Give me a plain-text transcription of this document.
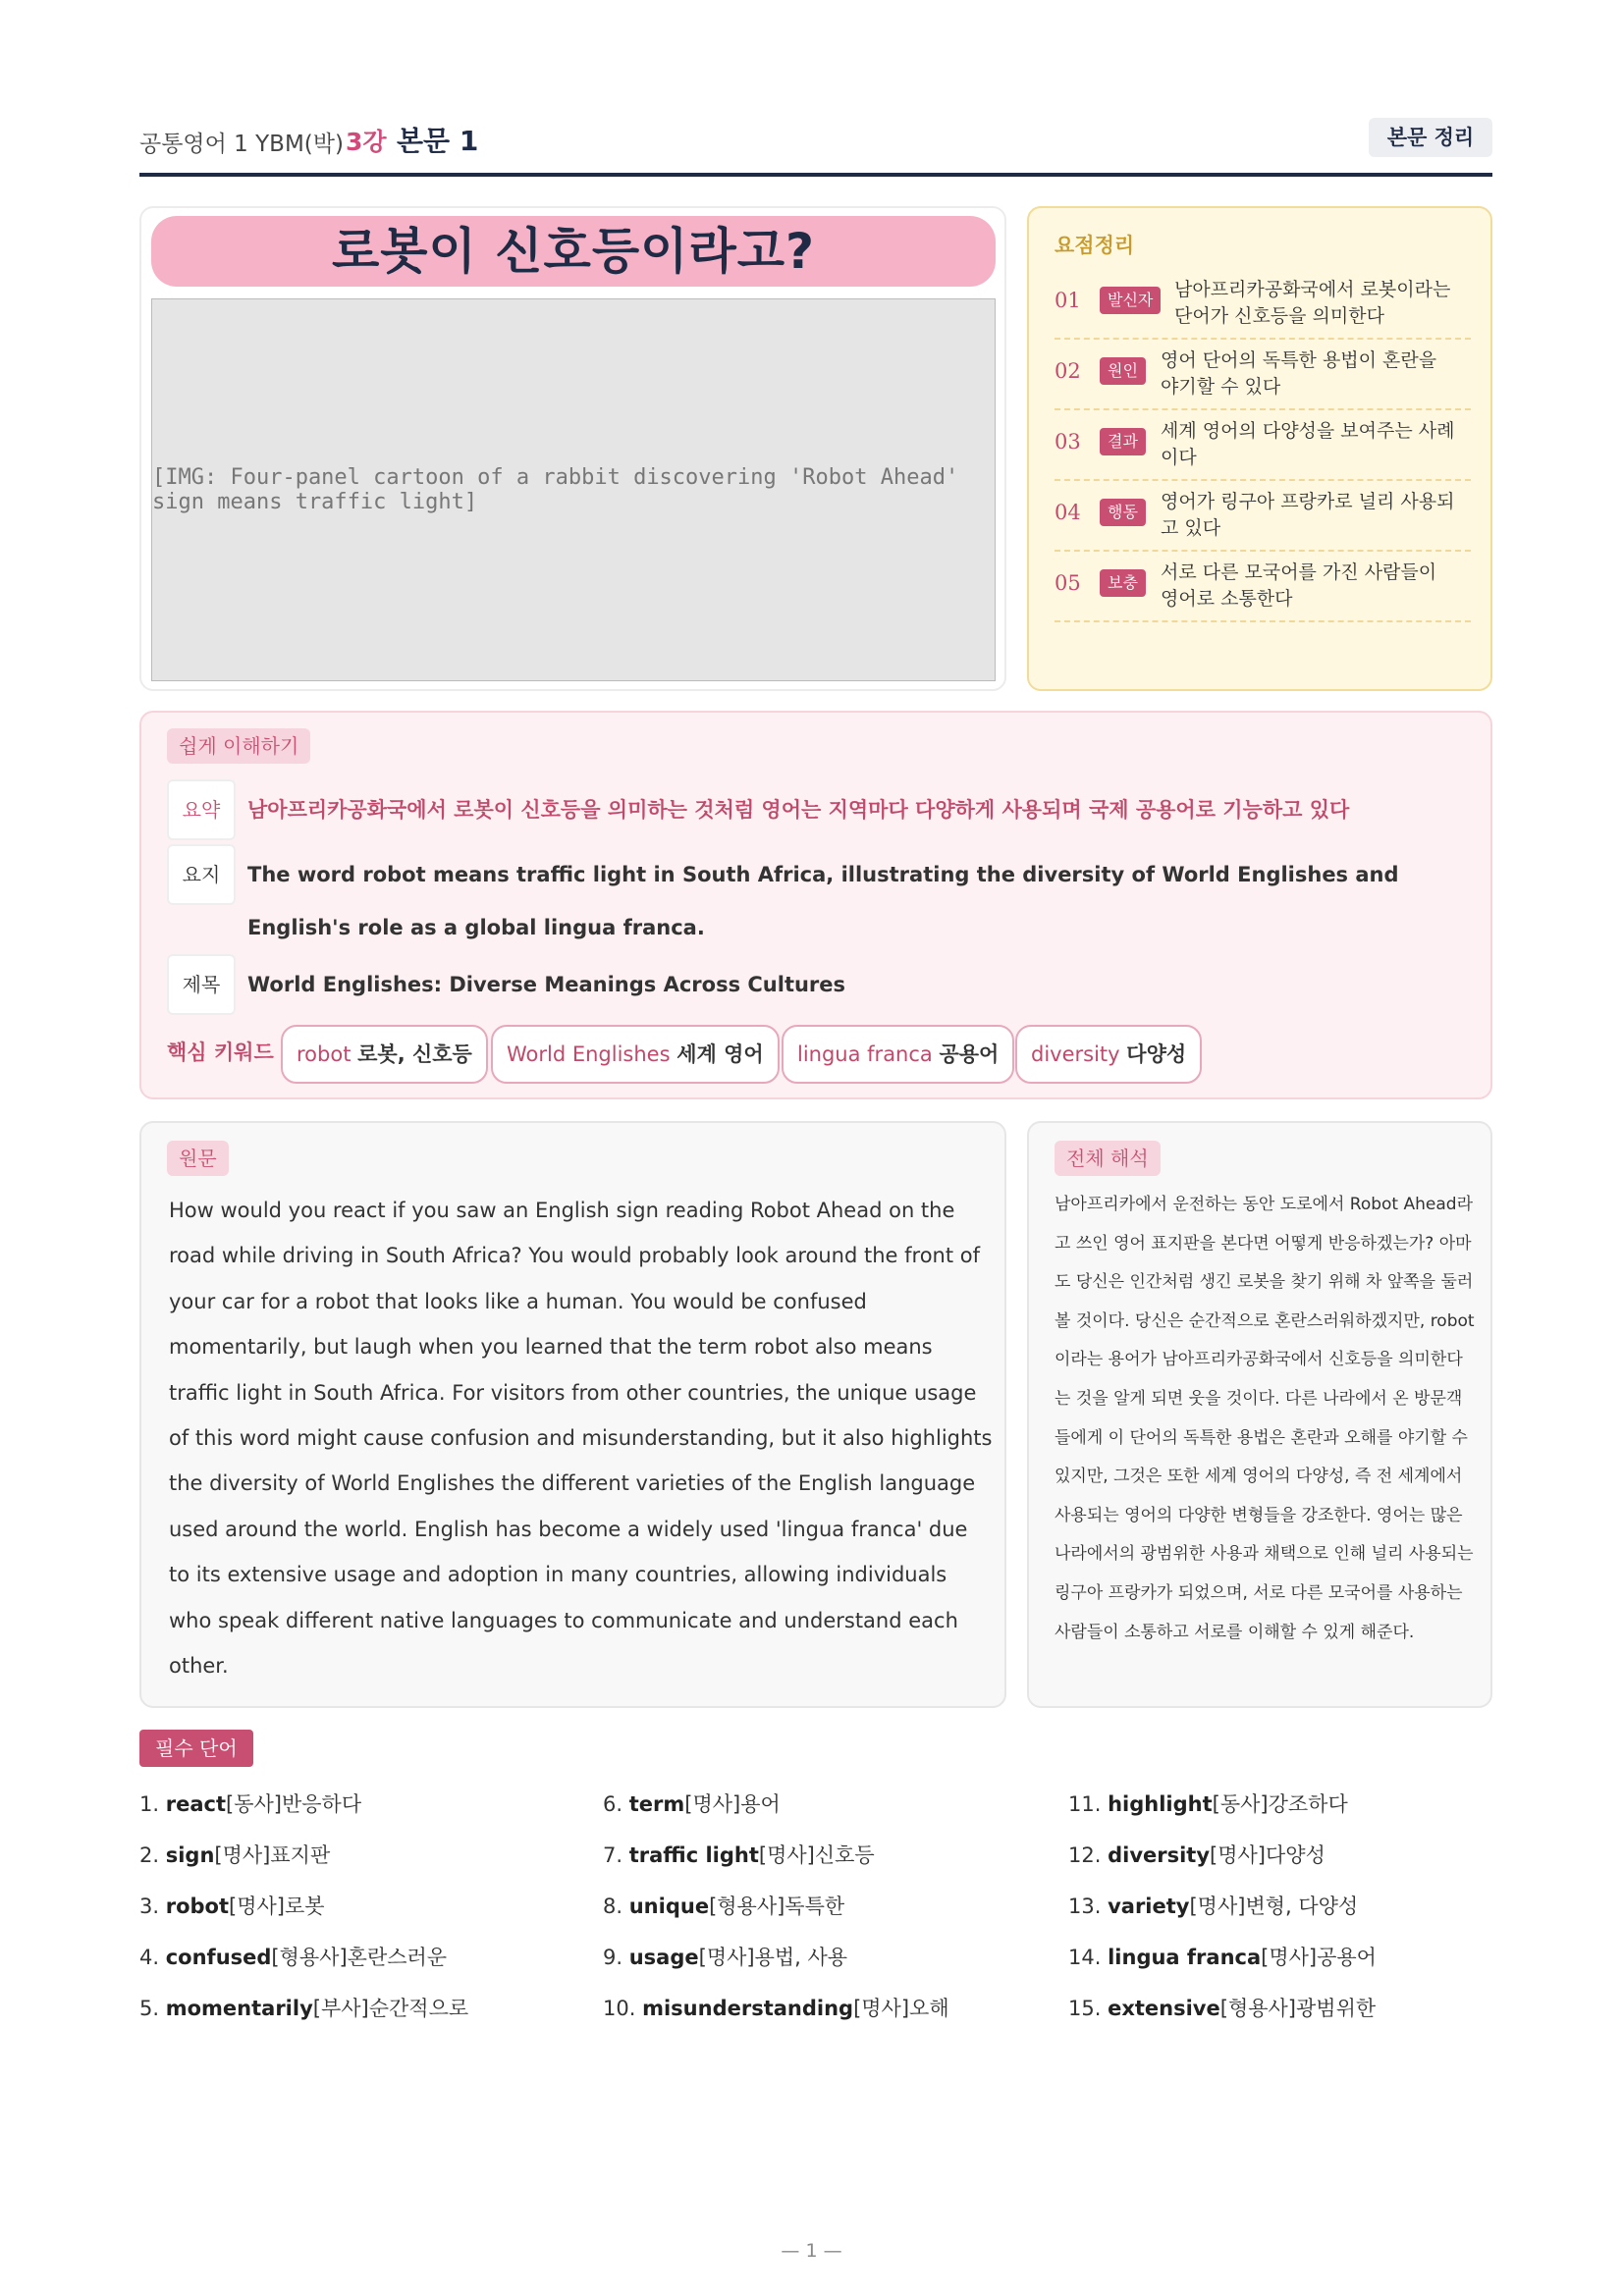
공통영어 1 YBM(박) 3강 본문 1	본문 정리
로봇이 신호등이라고?
[IMG: Four-panel cartoon of a rabbit discovering 'Robot Ahead' sign means traffic light]
요점정리
01	발신자	남아프리카공화국에서 로봇이라는 단어가 신호등을 의미한다
02	원인	영어 단어의 독특한 용법이 혼란을 야기할 수 있다
03	결과	세계 영어의 다양성을 보여주는 사례이다
04	행동	영어가 링구아 프랑카로 널리 사용되고 있다
05	보충	서로 다른 모국어를 가진 사람들이 영어로 소통한다
쉽게 이해하기
요약	남아프리카공화국에서 로봇이 신호등을 의미하는 것처럼 영어는 지역마다 다양하게 사용되며 국제 공용어로 기능하고 있다
요지	The word robot means traffic light in South Africa, illustrating the diversity of World Englishes and English's role as a global lingua franca.
제목	World Englishes: Diverse Meanings Across Cultures
핵심 키워드	robot 로봇, 신호등	World Englishes 세계 영어	lingua franca 공용어	diversity 다양성
원문
How would you react if you saw an English sign reading Robot Ahead on the road while driving in South Africa? You would probably look around the front of your car for a robot that looks like a human. You would be confused momentarily, but laugh when you learned that the term robot also means traffic light in South Africa. For visitors from other countries, the unique usage of this word might cause confusion and misunderstanding, but it also highlights the diversity of World Englishes the different varieties of the English language used around the world. English has become a widely used 'lingua franca' due to its extensive usage and adoption in many countries, allowing individuals who speak different native languages to communicate and understand each other.
전체 해석
남아프리카에서 운전하는 동안 도로에서 Robot Ahead라고 쓰인 영어 표지판을 본다면 어떻게 반응하겠는가? 아마도 당신은 인간처럼 생긴 로봇을 찾기 위해 차 앞쪽을 둘러볼 것이다. 당신은 순간적으로 혼란스러워하겠지만, robot이라는 용어가 남아프리카공화국에서 신호등을 의미한다는 것을 알게 되면 웃을 것이다. 다른 나라에서 온 방문객들에게 이 단어의 독특한 용법은 혼란과 오해를 야기할 수 있지만, 그것은 또한 세계 영어의 다양성, 즉 전 세계에서 사용되는 영어의 다양한 변형들을 강조한다. 영어는 많은 나라에서의 광범위한 사용과 채택으로 인해 널리 사용되는 링구아 프랑카가 되었으며, 서로 다른 모국어를 사용하는 사람들이 소통하고 서로를 이해할 수 있게 해준다.
필수 단어
1. react[동사]반응하다
2. sign[명사]표지판
3. robot[명사]로봇
4. confused[형용사]혼란스러운
5. momentarily[부사]순간적으로
6. term[명사]용어
7. traffic light[명사]신호등
8. unique[형용사]독특한
9. usage[명사]용법, 사용
10. misunderstanding[명사]오해
11. highlight[동사]강조하다
12. diversity[명사]다양성
13. variety[명사]변형, 다양성
14. lingua franca[명사]공용어
15. extensive[형용사]광범위한
— 1 —
